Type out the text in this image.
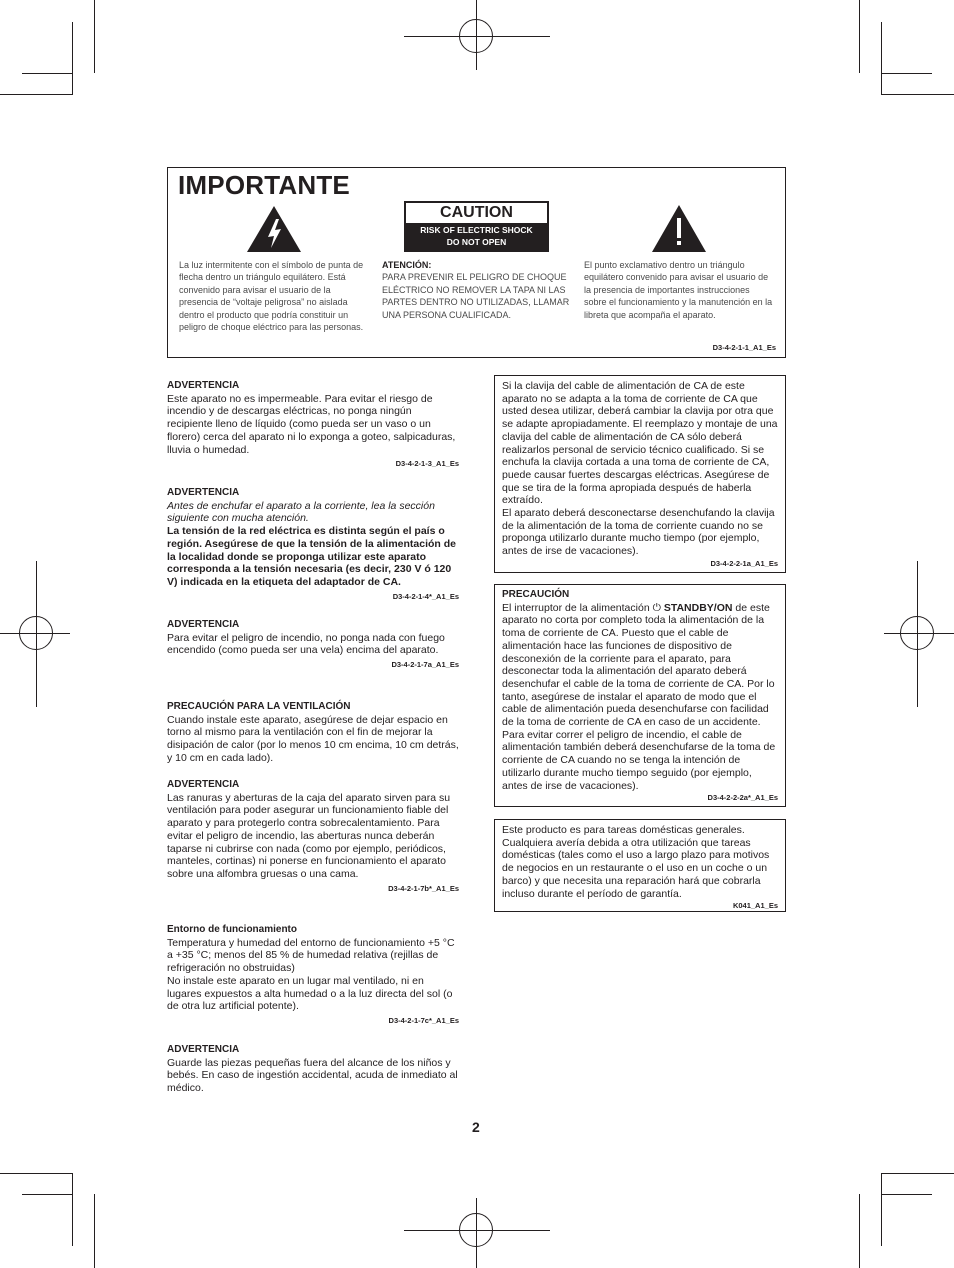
IMPORTANTE
CAUTION
RISK OF ELECTRIC SHOCK
DO NOT OPEN
La luz intermitente con el símbolo de punta de flecha dentro un triángulo equilátero. Está convenido para avisar el usuario de la presencia de “voltaje peligrosa” no aislada dentro el producto que podría constituir un peligro de choque eléctrico para las personas.
ATENCIÓN:
PARA PREVENIR EL PELIGRO DE CHOQUE ELÉCTRICO NO REMOVER LA TAPA NI LAS PARTES DENTRO NO UTILIZADAS, LLAMAR UNA PERSONA CUALIFICADA.
El punto exclamativo dentro un triángulo equilátero convenido para avisar el usuario de la presencia de importantes instrucciones sobre el funcionamiento y la manutención en la libreta que acompaña el aparato.
D3-4-2-1-1_A1_Es
ADVERTENCIA
Este aparato no es impermeable. Para evitar el riesgo de incendio y de descargas eléctricas, no ponga ningún recipiente lleno de líquido (como pueda ser un vaso o un florero) cerca del aparato ni lo exponga a goteo, salpicaduras, lluvia o humedad.
D3-4-2-1-3_A1_Es
ADVERTENCIA
Antes de enchufar el aparato a la corriente, lea la sección siguiente con mucha atención.
La tensión de la red eléctrica es distinta según el país o región. Asegúrese de que la tensión de la alimentación de la localidad donde se proponga utilizar este aparato corresponda a la tensión necesaria (es decir, 230 V ó 120 V) indicada en la etiqueta del adaptador de CA.
D3-4-2-1-4*_A1_Es
ADVERTENCIA
Para evitar el peligro de incendio, no ponga nada con fuego encendido (como pueda ser una vela) encima del aparato.
D3-4-2-1-7a_A1_Es
PRECAUCIÓN PARA LA VENTILACIÓN
Cuando instale este aparato, asegúrese de dejar espacio en torno al mismo para la ventilación con el fin de mejorar la disipación de calor (por lo menos 10 cm encima, 10 cm detrás, y 10 cm en cada lado).
ADVERTENCIA
Las ranuras y aberturas de la caja del aparato sirven para su ventilación para poder asegurar un funcionamiento fiable del aparato y para protegerlo contra sobrecalentamiento. Para evitar el peligro de incendio, las aberturas nunca deberán taparse ni cubrirse con nada (como por ejemplo, periódicos, manteles, cortinas) ni ponerse en funcionamiento el aparato sobre una alfombra gruesas o una cama.
D3-4-2-1-7b*_A1_Es
Entorno de funcionamiento
Temperatura y humedad del entorno de funcionamiento +5 °C a +35 °C; menos del 85 % de humedad relativa (rejillas de refrigeración no obstruidas)
No instale este aparato en un lugar mal ventilado, ni en lugares expuestos a alta humedad o a la luz directa del sol (o de otra luz artificial potente).
D3-4-2-1-7c*_A1_Es
ADVERTENCIA
Guarde las piezas pequeñas fuera del alcance de los niños y bebés. En caso de ingestión accidental, acuda de inmediato al médico.
Si la clavija del cable de alimentación de CA de este aparato no se adapta a la toma de corriente de CA que usted desea utilizar, deberá cambiar la clavija por otra que se adapte apropiadamente. El reemplazo y montaje de una clavija del cable de alimentación de CA sólo deberá realizarlos personal de servicio técnico cualificado. Si se enchufa la clavija cortada a una toma de corriente de CA, puede causar fuertes descargas eléctricas. Asegúrese de que se tira de la forma apropiada después de haberla extraído.
El aparato deberá desconectarse desenchufando la clavija de la alimentación de la toma de corriente cuando no se proponga utilizarlo durante mucho tiempo (por ejemplo, antes de irse de vacaciones).
D3-4-2-2-1a_A1_Es
PRECAUCIÓN
El interruptor de la alimentación ⏻ STANDBY/ON de este aparato no corta por completo toda la alimentación de la toma de corriente de CA. Puesto que el cable de alimentación hace las funciones de dispositivo de desconexión de la corriente para el aparato, para desconectar toda la alimentación del aparato deberá desenchufar el cable de la toma de corriente de CA. Por lo tanto, asegúrese de instalar el aparato de modo que el cable de alimentación pueda desenchufarse con facilidad de la toma de corriente de CA en caso de un accidente. Para evitar correr el peligro de incendio, el cable de alimentación también deberá desenchufarse de la toma de corriente de CA cuando no se tenga la intención de utilizarlo durante mucho tiempo seguido (por ejemplo, antes de irse de vacaciones).
D3-4-2-2-2a*_A1_Es
Este producto es para tareas domésticas generales. Cualquiera avería debida a otra utilización que tareas domésticas (tales como el uso a largo plazo para motivos de negocios en un restaurante o el uso en un coche o un barco) y que necesita una reparación hará que cobrarla incluso durante el período de garantía.
K041_A1_Es
2
